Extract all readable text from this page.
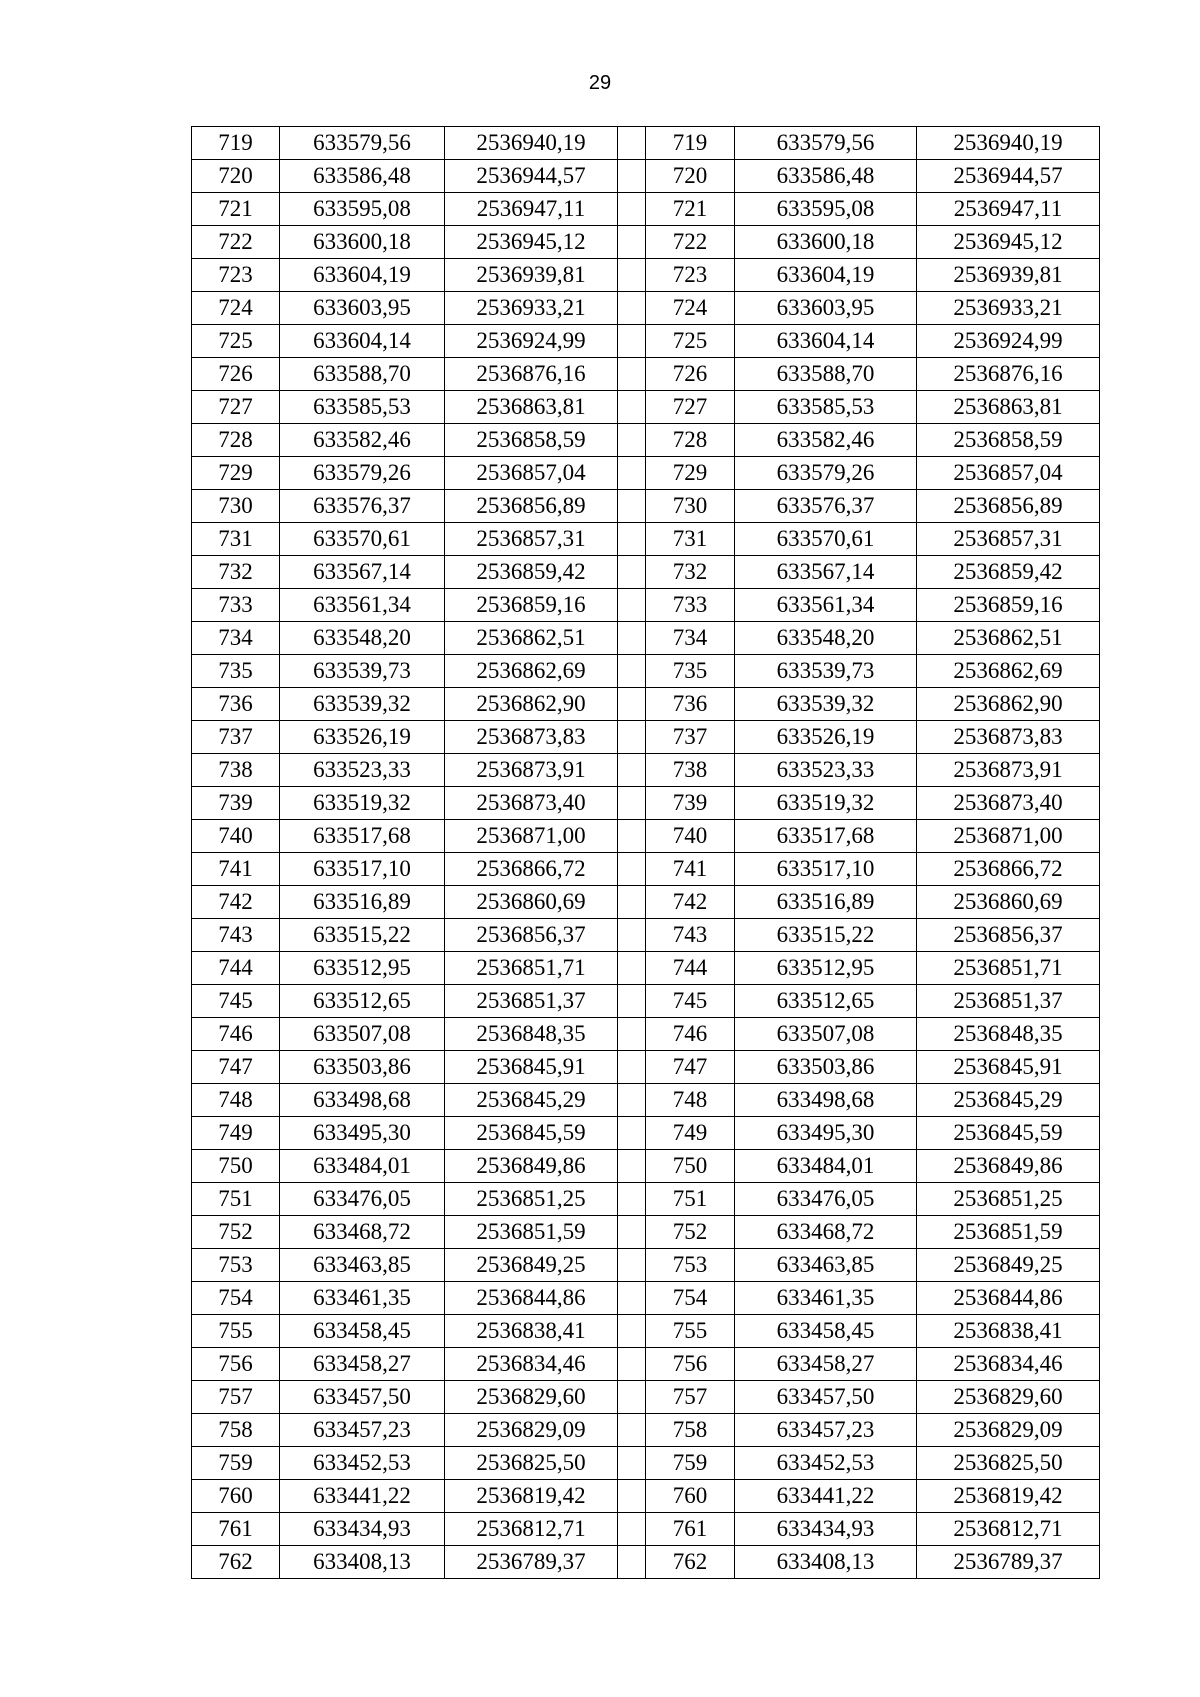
29
719	633579,56	2536940,19		719	633579,56	2536940,19
720	633586,48	2536944,57		720	633586,48	2536944,57
721	633595,08	2536947,11		721	633595,08	2536947,11
722	633600,18	2536945,12		722	633600,18	2536945,12
723	633604,19	2536939,81		723	633604,19	2536939,81
724	633603,95	2536933,21		724	633603,95	2536933,21
725	633604,14	2536924,99		725	633604,14	2536924,99
726	633588,70	2536876,16		726	633588,70	2536876,16
727	633585,53	2536863,81		727	633585,53	2536863,81
728	633582,46	2536858,59		728	633582,46	2536858,59
729	633579,26	2536857,04		729	633579,26	2536857,04
730	633576,37	2536856,89		730	633576,37	2536856,89
731	633570,61	2536857,31		731	633570,61	2536857,31
732	633567,14	2536859,42		732	633567,14	2536859,42
733	633561,34	2536859,16		733	633561,34	2536859,16
734	633548,20	2536862,51		734	633548,20	2536862,51
735	633539,73	2536862,69		735	633539,73	2536862,69
736	633539,32	2536862,90		736	633539,32	2536862,90
737	633526,19	2536873,83		737	633526,19	2536873,83
738	633523,33	2536873,91		738	633523,33	2536873,91
739	633519,32	2536873,40		739	633519,32	2536873,40
740	633517,68	2536871,00		740	633517,68	2536871,00
741	633517,10	2536866,72		741	633517,10	2536866,72
742	633516,89	2536860,69		742	633516,89	2536860,69
743	633515,22	2536856,37		743	633515,22	2536856,37
744	633512,95	2536851,71		744	633512,95	2536851,71
745	633512,65	2536851,37		745	633512,65	2536851,37
746	633507,08	2536848,35		746	633507,08	2536848,35
747	633503,86	2536845,91		747	633503,86	2536845,91
748	633498,68	2536845,29		748	633498,68	2536845,29
749	633495,30	2536845,59		749	633495,30	2536845,59
750	633484,01	2536849,86		750	633484,01	2536849,86
751	633476,05	2536851,25		751	633476,05	2536851,25
752	633468,72	2536851,59		752	633468,72	2536851,59
753	633463,85	2536849,25		753	633463,85	2536849,25
754	633461,35	2536844,86		754	633461,35	2536844,86
755	633458,45	2536838,41		755	633458,45	2536838,41
756	633458,27	2536834,46		756	633458,27	2536834,46
757	633457,50	2536829,60		757	633457,50	2536829,60
758	633457,23	2536829,09		758	633457,23	2536829,09
759	633452,53	2536825,50		759	633452,53	2536825,50
760	633441,22	2536819,42		760	633441,22	2536819,42
761	633434,93	2536812,71		761	633434,93	2536812,71
762	633408,13	2536789,37		762	633408,13	2536789,37
